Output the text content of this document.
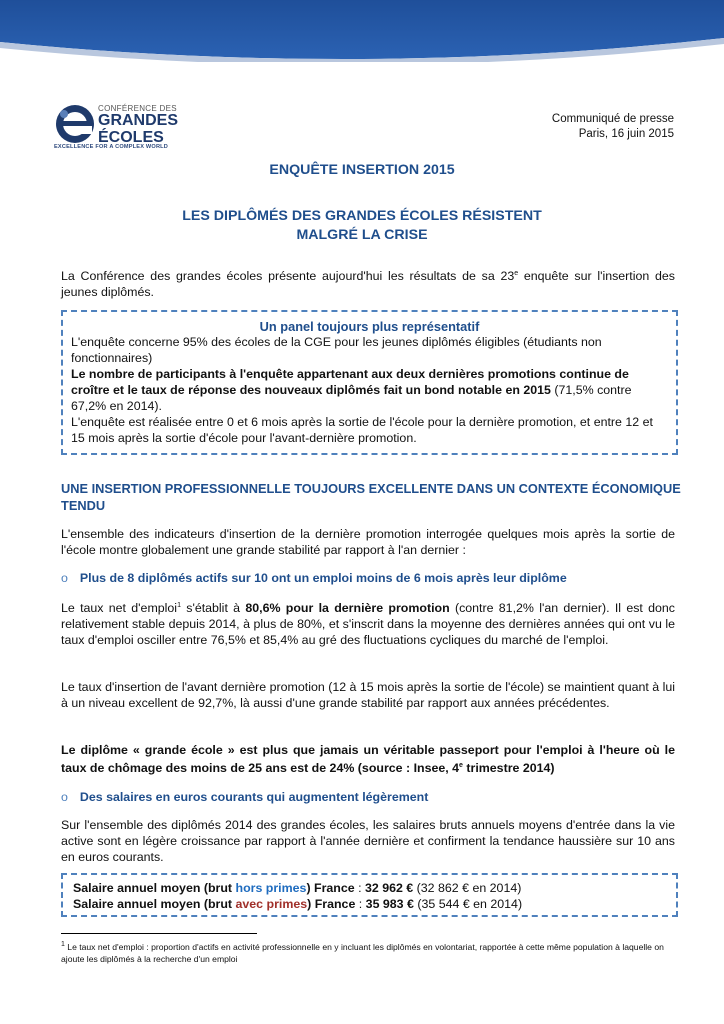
CONFÉRENCE DES
GRANDES
ÉCOLES
EXCELLENCE FOR A COMPLEX WORLD
Communiqué de presse
Paris, 16 juin 2015
ENQUÊTE INSERTION 2015
LES DIPLÔMÉS DES GRANDES ÉCOLES RÉSISTENT
MALGRÉ LA CRISE
La Conférence des grandes écoles présente aujourd'hui les résultats de sa 23e enquête sur l'insertion des jeunes diplômés.
Un panel toujours plus représentatif
L'enquête concerne 95% des écoles de la CGE pour les jeunes diplômés éligibles (étudiants non fonctionnaires)
Le nombre de participants à l'enquête appartenant aux deux dernières promotions continue de croître et le taux de réponse des nouveaux diplômés fait un bond notable en 2015 (71,5% contre 67,2% en 2014).
L'enquête est réalisée entre 0 et 6 mois après la sortie de l'école pour la dernière promotion, et entre 12 et 15 mois après la sortie d'école pour l'avant-dernière promotion.
UNE INSERTION PROFESSIONNELLE TOUJOURS EXCELLENTE DANS UN CONTEXTE ÉCONOMIQUE TENDU
L'ensemble des indicateurs d'insertion de la dernière promotion interrogée quelques mois après la sortie de l'école montre globalement une grande stabilité par rapport à l'an dernier :
o Plus de 8 diplômés actifs sur 10 ont un emploi moins de 6 mois après leur diplôme
Le taux net d'emploi$^1$ s'établit à 80,6% pour la dernière promotion (contre 81,2% l'an dernier). Il est donc relativement stable depuis 2014, à plus de 80%, et s'inscrit dans la moyenne des dernières années qui ont vu le taux d'emploi osciller entre 76,5% et 85,4% au gré des fluctuations cycliques du marché de l'emploi.
Le taux d'insertion de l'avant dernière promotion (12 à 15 mois après la sortie de l'école) se maintient quant à lui à un niveau excellent de 92,7%, là aussi d'une grande stabilité par rapport aux années précédentes.
Le diplôme « grande école » est plus que jamais un véritable passeport pour l'emploi à l'heure où le taux de chômage des moins de 25 ans est de 24% (source : Insee, 4e trimestre 2014)
o Des salaires en euros courants qui augmentent légèrement
Sur l'ensemble des diplômés 2014 des grandes écoles, les salaires bruts annuels moyens d'entrée dans la vie active sont en légère croissance par rapport à l'année dernière et confirment la tendance haussière sur 10 ans en euros courants.
Salaire annuel moyen (brut hors primes) France : 32 962 € (32 862 € en 2014)
Salaire annuel moyen (brut avec primes) France : 35 983 € (35 544 € en 2014)
$^1$ Le taux net d'emploi : proportion d'actifs en activité professionnelle en y incluant les diplômés en volontariat, rapportée à cette même population à laquelle on ajoute les diplômés à la recherche d'un emploi
